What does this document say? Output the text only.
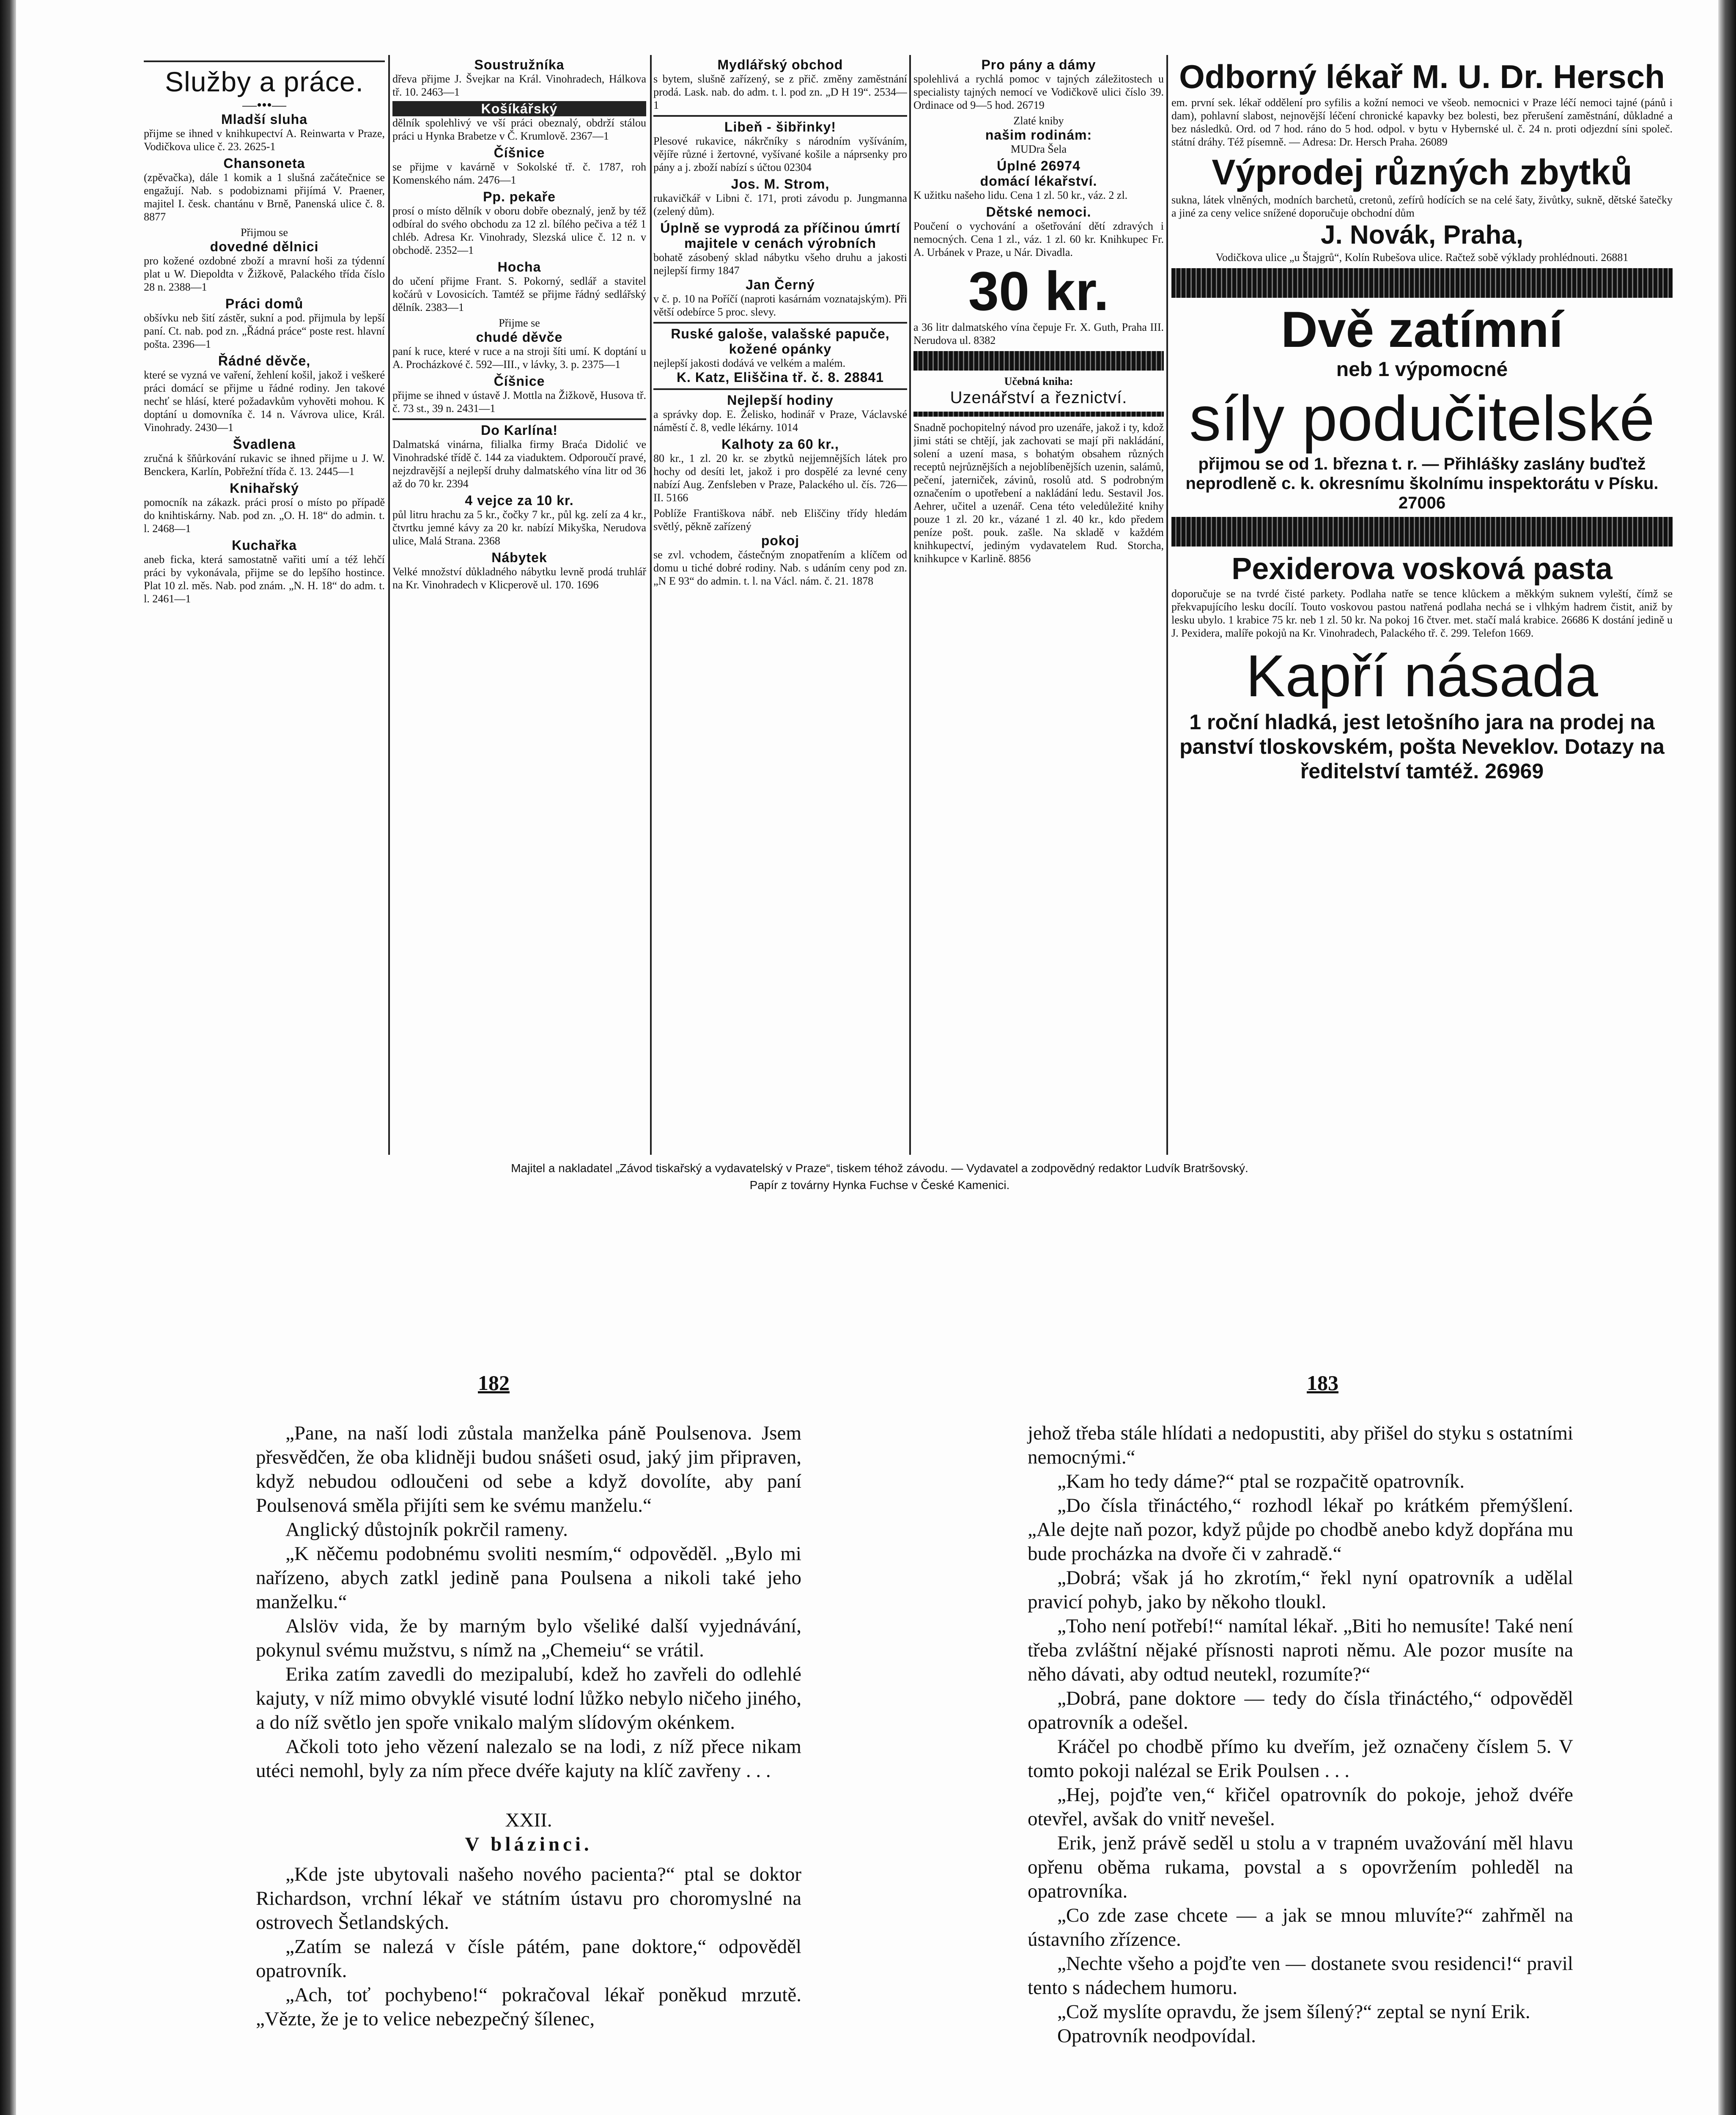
Služby a práce.
—•••—
Mladší sluha
přijme se ihned v knihkupectví A. Reinwarta v Praze, Vodičkova ulice č. 23. 2625-1
Chansoneta
(zpěvačka), dále 1 komik a 1 slušná začátečnice se engažují. Nab. s podobiznami přijímá V. Praener, majitel I. česk. chantánu v Brně, Panenská ulice č. 8. 8877
Přijmou se
dovedné dělnici
pro kožené ozdobné zboží a mravní hoši za týdenní plat u W. Diepoldta v Žižkově, Palackého třída číslo 28 n. 2388—1
Práci domů
obšívku neb šití zástěr, sukní a pod. přijmula by lepší paní. Ct. nab. pod zn. „Řádná práce“ poste rest. hlavní pošta. 2396—1
Řádné děvče,
které se vyzná ve vaření, žehlení košil, jakož i veškeré práci domácí se přijme u řádné rodiny. Jen takové nechť se hlásí, které požadavkům vyhověti mohou. K doptání u domovníka č. 14 n. Vávrova ulice, Král. Vinohrady. 2430—1
Švadlena
zručná k šňůrkování rukavic se ihned přijme u J. W. Benckera, Karlín, Pobřežní třída č. 13. 2445—1
Knihařský
pomocník na zákazk. práci prosí o místo po případě do knihtiskárny. Nab. pod zn. „O. H. 18“ do admin. t. l. 2468—1
Kuchařka
aneb ficka, která samostatně vařiti umí a též lehčí práci by vykonávala, přijme se do lepšího hostince. Plat 10 zl. měs. Nab. pod znám. „N. H. 18“ do adm. t. l. 2461—1
Soustružníka
dřeva přijme J. Švejkar na Král. Vinohradech, Hálkova tř. 10. 2463—1
Košíkářský
dělník spolehlivý ve vší práci obeznalý, obdrží stálou práci u Hynka Brabetze v Č. Krumlově. 2367—1
Číšnice
se přijme v kavárně v Sokolské tř. č. 1787, roh Komenského nám. 2476—1
Pp. pekaře
prosí o místo dělník v oboru dobře obeznalý, jenž by též odbíral do svého obchodu za 12 zl. bílého pečiva a též 1 chléb. Adresa Kr. Vinohrady, Slezská ulice č. 12 n. v obchodě. 2352—1
Hocha
do učení přijme Frant. S. Pokorný, sedlář a stavitel kočárů v Lovosicích. Tamtéž se přijme řádný sedlářský dělník. 2383—1
Přijme se
chudé děvče
paní k ruce, které v ruce a na stroji šíti umí. K doptání u A. Procházkové č. 592—III., v lávky, 3. p. 2375—1
Číšnice
přijme se ihned v ústavě J. Mottla na Žižkově, Husova tř. č. 73 st., 39 n. 2431—1
Do Karlína!
Dalmatská vinárna, filialka firmy Braća Didolić ve Vinohradské třídě č. 144 za viaduktem. Odporoučí pravé, nejzdravější a nejlepší druhy dalmatského vína litr od 36 až do 70 kr. 2394
4 vejce za 10 kr.
půl litru hrachu za 5 kr., čočky 7 kr., půl kg. zelí za 4 kr., čtvrtku jemné kávy za 20 kr. nabízí Mikyška, Nerudova ulice, Malá Strana. 2368
Nábytek
Velké množství důkladného nábytku levně prodá truhlář na Kr. Vinohradech v Klicperově ul. 170. 1696
Mydlářský obchod
s bytem, slušně zařízený, se z přič. změny zaměstnání prodá. Lask. nab. do adm. t. l. pod zn. „D H 19“. 2534—1
Libeň - šibřinky!
Plesové rukavice, nákrčníky s národním vyšíváním, vějíře různé i žertovné, vyšívané košile a náprsenky pro pány a j. zboží nabízí s účtou 02304
Jos. M. Strom,
rukavičkář v Libni č. 171, proti závodu p. Jungmanna (zelený dům).
Úplně se vyprodá za příčinou úmrtí majitele v cenách výrobních
bohatě zásobený sklad nábytku všeho druhu a jakosti nejlepší firmy 1847
Jan Černý
v č. p. 10 na Poříčí (naproti kasárnám voznatajským). Při větší odebírce 5 proc. slevy.
Ruské galoše, valašské papuče, kožené opánky
nejlepší jakosti dodává ve velkém a malém.
K. Katz, Eliščina tř. č. 8. 28841
Nejlepší hodiny
a správky dop. E. Želisko, hodinář v Praze, Václavské náměstí č. 8, vedle lékárny. 1014
Kalhoty za 60 kr.,
80 kr., 1 zl. 20 kr. se zbytků nejjemnějších látek pro hochy od desíti let, jakož i pro dospělé za levné ceny nabízí Aug. Zenfsleben v Praze, Palackého ul. čís. 726—II. 5166
Poblíže Františkova nábř. neb Eliščiny třídy hledám světlý, pěkně zařízený
pokoj
se zvl. vchodem, částečným znopatřením a klíčem od domu u tiché dobré rodiny. Nab. s udáním ceny pod zn. „N E 93“ do admin. t. l. na Václ. nám. č. 21. 1878
Pro pány a dámy
spolehlivá a rychlá pomoc v tajných záležitostech u specialisty tajných nemocí ve Vodičkově ulici číslo 39. Ordinace od 9—5 hod. 26719
Zlaté kniby
našim rodinám:
MUDra Šela
Úplné 26974
domácí lékařství.
K užitku našeho lidu. Cena 1 zl. 50 kr., váz. 2 zl.
Dětské nemoci.
Poučení o vychování a ošetřování dětí zdravých i nemocných. Cena 1 zl., váz. 1 zl. 60 kr. Knihkupec Fr. A. Urbánek v Praze, u Nár. Divadla.
30 kr.
a 36 litr dalmatského vína čepuje Fr. X. Guth, Praha III. Nerudova ul. 8382
Učebná kniha:
Uzenářství a řeznictví.
Snadně pochopitelný návod pro uzenáře, jakož i ty, kdož jimi státi se chtějí, jak zachovati se mají při nakládání, solení a uzení masa, s bohatým obsahem různých receptů nejrůznějších a nejoblíbenějších uzenin, salámů, pečení, jaterniček, závinů, rosolů atd. S podrobným označením o upotřebení a nakládání ledu. Sestavil Jos. Aehrer, učitel a uzenář. Cena této veledůležité knihy pouze 1 zl. 20 kr., vázané 1 zl. 40 kr., kdo předem peníze pošt. pouk. zašle. Na skladě v každém knihkupectví, jediným vydavatelem Rud. Storcha, knihkupce v Karlině. 8856
Odborný lékař M. U. Dr. Hersch
em. první sek. lékař oddělení pro syfilis a kožní nemoci ve všeob. nemocnici v Praze léčí nemoci tajné (pánů i dam), pohlavní slabost, nejnovější léčení chronické kapavky bez bolesti, bez přerušení zaměstnání, důkladné a bez následků. Ord. od 7 hod. ráno do 5 hod. odpol. v bytu v Hybernské ul. č. 24 n. proti odjezdní síni společ. státní dráhy. Též písemně. — Adresa: Dr. Hersch Praha. 26089
Výprodej různých zbytků
sukna, látek vlněných, modních barchetů, cretonů, zefírů hodících se na celé šaty, živůtky, sukně, dětské šatečky a jiné za ceny velice snížené doporučuje obchodní dům
J. Novák, Praha,
Vodičkova ulice „u Štajgrů“, Kolín Rubešova ulice. Račtež sobě výklady prohlédnouti. 26881
Dvě zatímní
neb 1 výpomocné
síly podučitelské
přijmou se od 1. března t. r. — Přihlášky zaslány buďtež neprodleně c. k. okresnímu školnímu inspektorátu v Písku. 27006
Pexiderova vosková pasta
doporučuje se na tvrdé čisté parkety. Podlaha natře se tence klůckem a měkkým suknem vyleští, čímž se překvapujícího lesku docílí. Touto voskovou pastou natřená podlaha nechá se i vlhkým hadrem čistit, aniž by lesku ubylo. 1 krabice 75 kr. neb 1 zl. 50 kr. Na pokoj 16 čtver. met. stačí malá krabice. 26686 K dostání jedině u J. Pexidera, malíře pokojů na Kr. Vinohradech, Palackého tř. č. 299. Telefon 1669.
Kapří násada
1 roční hladká, jest letošního jara na prodej na panství tloskovském, pošta Neveklov. Dotazy na ředitelství tamtéž. 26969
Majitel a nakladatel „Závod tiskařský a vydavatelský v Praze“, tiskem téhož závodu. — Vydavatel a zodpovědný redaktor Ludvík Bratršovský.
Papír z továrny Hynka Fuchse v České Kamenici.
182	183

„Pane, na naší lodi zůstala manželka páně Poulsenova. Jsem přesvědčen, že oba klidněji budou snášeti osud, jaký jim připraven, když nebudou odloučeni od sebe a když dovolíte, aby paní Poulsenová směla přijíti sem ke svému manželu.“

Anglický důstojník pokrčil rameny.

„K něčemu podobnému svoliti nesmím,“ odpověděl. „Bylo mi nařízeno, abych zatkl jedině pana Poulsena a nikoli také jeho manželku.“

Alslöv vida, že by marným bylo všeliké další vyjednávání, pokynul svému mužstvu, s nímž na „Chemeiu“ se vrátil.

Erika zatím zavedli do mezipalubí, kdež ho zavřeli do odlehlé kajuty, v níž mimo obvyklé visuté lodní lůžko nebylo ničeho jiného, a do níž světlo jen spoře vnikalo malým slídovým okénkem.

Ačkoli toto jeho vězení nalezalo se na lodi, z níž přece nikam utéci nemohl, byly za ním přece dvéře kajuty na klíč zavřeny . . .

XXII.

V blázinci.

„Kde jste ubytovali našeho nového pacienta?“ ptal se doktor Richardson, vrchní lékař ve státním ústavu pro choromyslné na ostrovech Šetlandských.

„Zatím se nalezá v čísle pátém, pane doktore,“ odpověděl opatrovník.

„Ach, toť pochybeno!“ pokračoval lékař poněkud mrzutě. „Vězte, že je to velice nebezpečný šílenec,

jehož třeba stále hlídati a nedopustiti, aby přišel do styku s ostatními nemocnými.“

„Kam ho tedy dáme?“ ptal se rozpačitě opatrovník.

„Do čísla třináctého,“ rozhodl lékař po krátkém přemýšlení. „Ale dejte naň pozor, když půjde po chodbě anebo když dopřána mu bude procházka na dvoře či v zahradě.“

„Dobrá; však já ho zkrotím,“ řekl nyní opatrovník a udělal pravicí pohyb, jako by někoho tloukl.

„Toho není potřebí!“ namítal lékař. „Biti ho nemusíte! Také není třeba zvláštní nějaké přísnosti naproti němu. Ale pozor musíte na něho dávati, aby odtud neutekl, rozumíte?“

„Dobrá, pane doktore — tedy do čísla třináctého,“ odpověděl opatrovník a odešel.

Kráčel po chodbě přímo ku dveřím, jež označeny číslem 5. V tomto pokoji nalézal se Erik Poulsen . . .

„Hej, pojďte ven,“ křičel opatrovník do pokoje, jehož dvéře otevřel, avšak do vnitř nevešel.

Erik, jenž právě seděl u stolu a v trapném uvažování měl hlavu opřenu oběma rukama, povstal a s opovržením pohleděl na opatrovníka.

„Co zde zase chcete — a jak se mnou mluvíte?“ zahřměl na ústavního zřízence.

„Nechte všeho a pojďte ven — dostanete svou residenci!“ pravil tento s nádechem humoru.

„Což myslíte opravdu, že jsem šílený?“ zeptal se nyní Erik.

Opatrovník neodpovídal.
